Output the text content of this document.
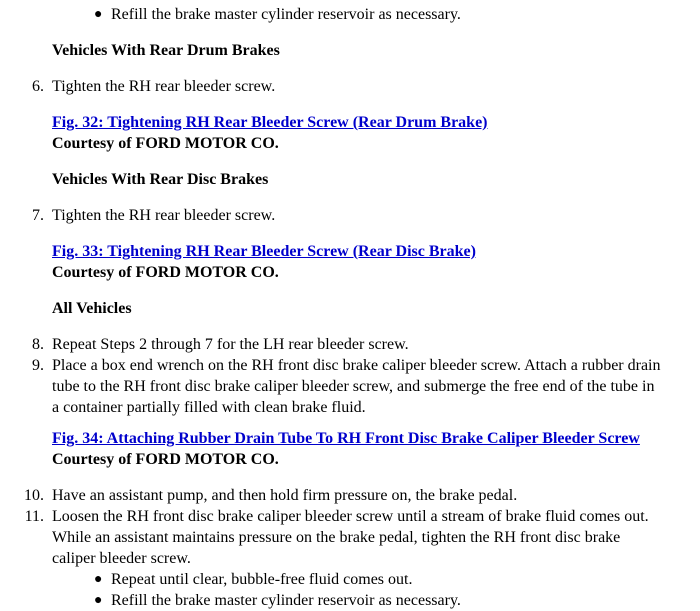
● Refill the brake master cylinder reservoir as necessary.
Vehicles With Rear Drum Brakes
6. Tighten the RH rear bleeder screw.
Fig. 32: Tightening RH Rear Bleeder Screw (Rear Drum Brake)
Courtesy of FORD MOTOR CO.
Vehicles With Rear Disc Brakes
7. Tighten the RH rear bleeder screw.
Fig. 33: Tightening RH Rear Bleeder Screw (Rear Disc Brake)
Courtesy of FORD MOTOR CO.
All Vehicles
8. Repeat Steps 2 through 7 for the LH rear bleeder screw.
9. Place a box end wrench on the RH front disc brake caliper bleeder screw. Attach a rubber drain tube to the RH front disc brake caliper bleeder screw, and submerge the free end of the tube in a container partially filled with clean brake fluid.
Fig. 34: Attaching Rubber Drain Tube To RH Front Disc Brake Caliper Bleeder Screw
Courtesy of FORD MOTOR CO.
10. Have an assistant pump, and then hold firm pressure on, the brake pedal.
11. Loosen the RH front disc brake caliper bleeder screw until a stream of brake fluid comes out. While an assistant maintains pressure on the brake pedal, tighten the RH front disc brake caliper bleeder screw.
● Repeat until clear, bubble-free fluid comes out.
● Refill the brake master cylinder reservoir as necessary.
